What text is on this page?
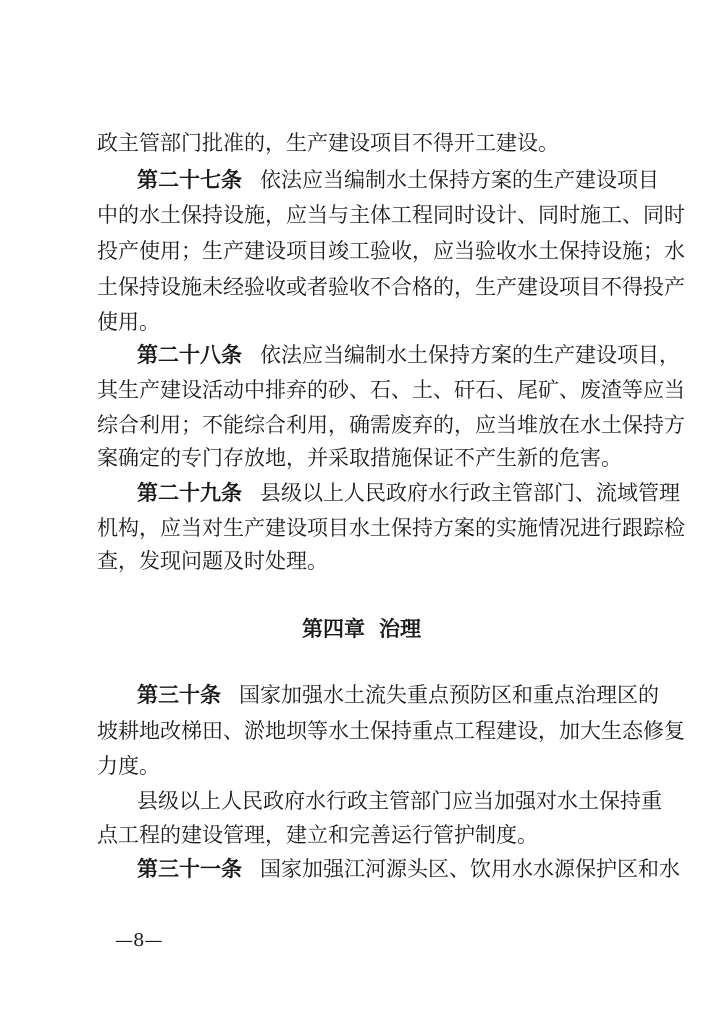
政主管部门批准的，生产建设项目不得开工建设。
第二十七条 依法应当编制水土保持方案的生产建设项目
中的水土保持设施，应当与主体工程同时设计、同时施工、同时
投产使用；生产建设项目竣工验收，应当验收水土保持设施；水
土保持设施未经验收或者验收不合格的，生产建设项目不得投产
使用。
第二十八条 依法应当编制水土保持方案的生产建设项目，
其生产建设活动中排弃的砂、石、土、矸石、尾矿、废渣等应当
综合利用；不能综合利用，确需废弃的，应当堆放在水土保持方
案确定的专门存放地，并采取措施保证不产生新的危害。
第二十九条 县级以上人民政府水行政主管部门、流域管理
机构，应当对生产建设项目水土保持方案的实施情况进行跟踪检
查，发现问题及时处理。
第四章 治理
第三十条 国家加强水土流失重点预防区和重点治理区的
坡耕地改梯田、淤地坝等水土保持重点工程建设，加大生态修复
力度。
县级以上人民政府水行政主管部门应当加强对水土保持重
点工程的建设管理，建立和完善运行管护制度。
第三十一条 国家加强江河源头区、饮用水水源保护区和水
—8—
